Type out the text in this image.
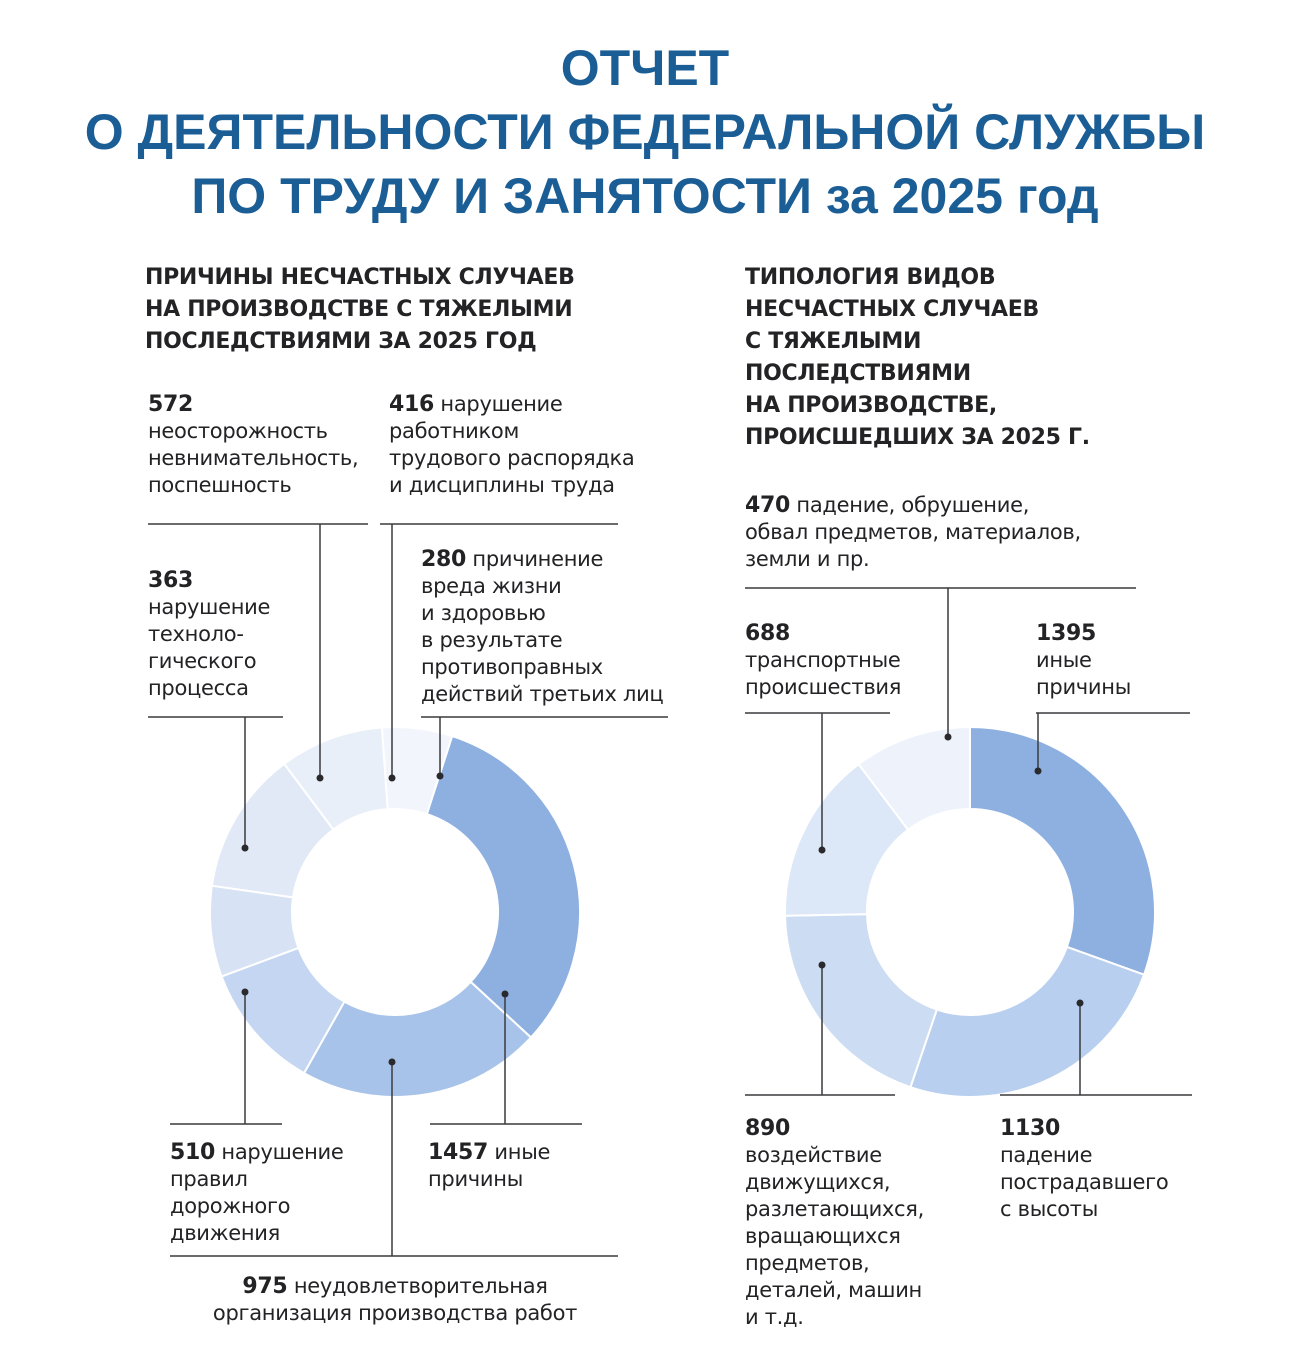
ОТЧЕТ
О ДЕЯТЕЛЬНОСТИ ФЕДЕРАЛЬНОЙ СЛУЖБЫ
ПО ТРУДУ И ЗАНЯТОСТИ за 2025 год
ПРИЧИНЫ НЕСЧАСТНЫХ СЛУЧАЕВ
НА ПРОИЗВОДСТВЕ С ТЯЖЕЛЫМИ
ПОСЛЕДСТВИЯМИ ЗА 2025 ГОД
ТИПОЛОГИЯ ВИДОВ
НЕСЧАСТНЫХ СЛУЧАЕВ
С ТЯЖЕЛЫМИ
ПОСЛЕДСТВИЯМИ
НА ПРОИЗВОДСТВЕ,
ПРОИСШЕДШИХ ЗА 2025 Г.
572
неосторожность
невнимательность,
поспешность
416 нарушение
работником
трудового распорядка
и дисциплины труда
363
нарушение
техноло-
гического
процесса
280 причинение
вреда жизни
и здоровью
в результате
противоправных
действий третьих лиц
510 нарушение
правил
дорожного
движения
1457 иные
причины
975 неудовлетворительная
организация производства работ
470 падение, обрушение,
обвал предметов, материалов,
земли и пр.
688
транспортные
происшествия
1395
иные
причины
890
воздействие
движущихся,
разлетающихся,
вращающихся
предметов,
деталей, машин
и т.д.
1130
падение
пострадавшего
с высоты
